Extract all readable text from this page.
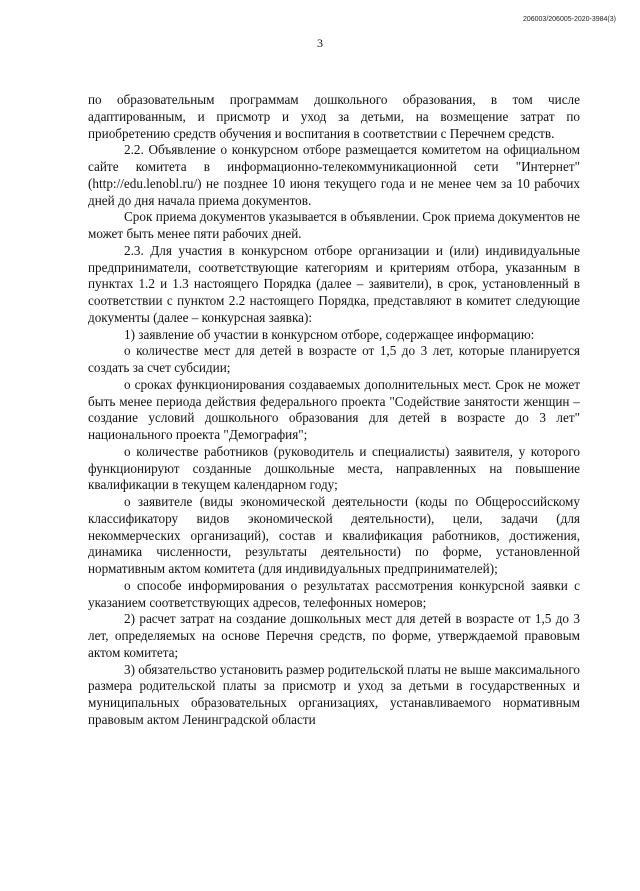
206003/206005-2020-3984(3)
3

по образовательным программам дошкольного образования, в том числе адаптированным, и присмотр и уход за детьми, на возмещение затрат по приобретению средств обучения и воспитания в соответствии с Перечнем средств.

2.2. Объявление о конкурсном отборе размещается комитетом на официальном сайте комитета в информационно-телекоммуникационной сети "Интернет" (http://edu.lenobl.ru/) не позднее 10 июня текущего года и не менее чем за 10 рабочих дней до дня начала приема документов.

Срок приема документов указывается в объявлении. Срок приема документов не может быть менее пяти рабочих дней.

2.3. Для участия в конкурсном отборе организации и (или) индивидуальные предприниматели, соответствующие категориям и критериям отбора, указанным в пунктах 1.2 и 1.3 настоящего Порядка (далее – заявители), в срок, установленный в соответствии с пунктом 2.2 настоящего Порядка, представляют в комитет следующие документы (далее – конкурсная заявка):

1) заявление об участии в конкурсном отборе, содержащее информацию:

о количестве мест для детей в возрасте от 1,5 до 3 лет, которые планируется создать за счет субсидии;

о сроках функционирования создаваемых дополнительных мест. Срок не может быть менее периода действия федерального проекта "Содействие занятости женщин – создание условий дошкольного образования для детей в возрасте до 3 лет" национального проекта "Демография";

о количестве работников (руководитель и специалисты) заявителя, у которого функционируют созданные дошкольные места, направленных на повышение квалификации в текущем календарном году;

о заявителе (виды экономической деятельности (коды по Общероссийскому классификатору видов экономической деятельности), цели, задачи (для некоммерческих организаций), состав и квалификация работников, достижения, динамика численности, результаты деятельности) по форме, установленной нормативным актом комитета (для индивидуальных предпринимателей);

о способе информирования о результатах рассмотрения конкурсной заявки с указанием соответствующих адресов, телефонных номеров;

2) расчет затрат на создание дошкольных мест для детей в возрасте от 1,5 до 3 лет, определяемых на основе Перечня средств, по форме, утверждаемой правовым актом комитета;

3) обязательство установить размер родительской платы не выше максимального размера родительской платы за присмотр и уход за детьми в государственных и муниципальных образовательных организациях, устанавливаемого нормативным правовым актом Ленинградской области
